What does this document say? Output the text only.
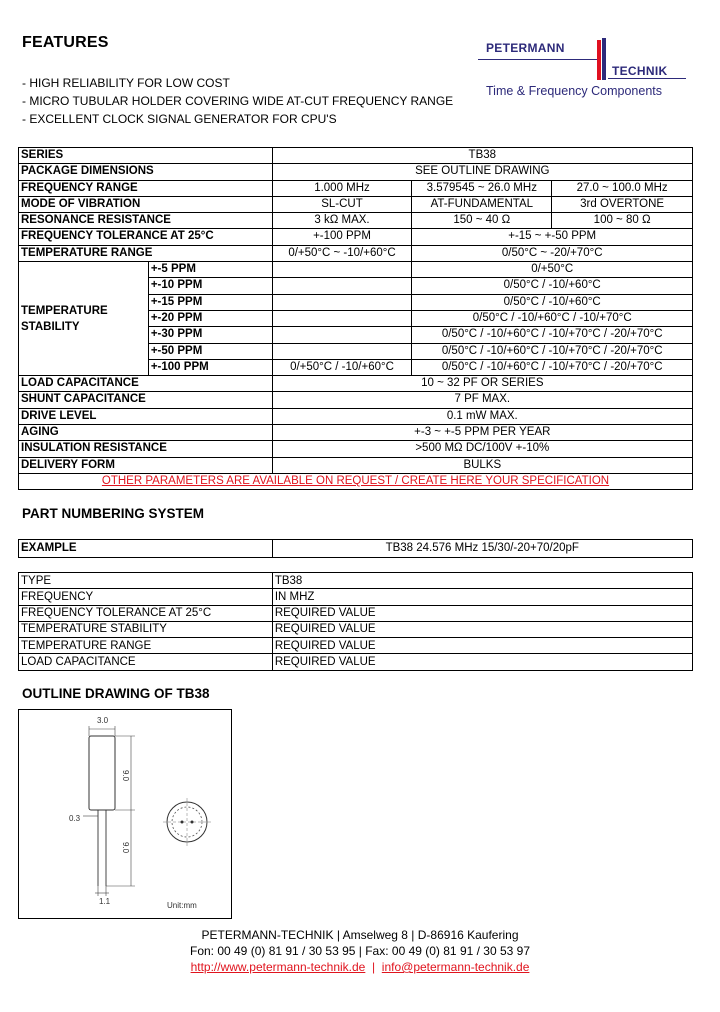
FEATURES
- HIGH RELIABILITY FOR LOW COST
- MICRO TUBULAR HOLDER COVERING WIDE AT-CUT FREQUENCY RANGE
- EXCELLENT CLOCK SIGNAL GENERATOR FOR CPU'S
PETERMANN
TECHNIK
Time & Frequency Components
SERIES		TB38		
PACKAGE DIMENSIONS		SEE OUTLINE DRAWING		
FREQUENCY RANGE		1.000 MHz	3.579545 ~ 26.0 MHz	27.0 ~ 100.0 MHz
MODE OF VIBRATION		SL-CUT	AT-FUNDAMENTAL	3rd OVERTONE
RESONANCE RESISTANCE		3 kΩ MAX.	150 ~ 40 Ω	100 ~ 80 Ω
FREQUENCY TOLERANCE AT 25°C		+-100 PPM	+-15 ~ +-50 PPM	
TEMPERATURE RANGE		0/+50°C ~ -10/+60°C	0/50°C ~ -20/+70°C	

TEMPERATURE
STABILITY	+-5 PPM		0/+50°C	
	+-10 PPM		0/50°C / -10/+60°C	
	+-15 PPM		0/50°C / -10/+60°C	
	+-20 PPM		0/50°C / -10/+60°C / -10/+70°C	
	+-30 PPM		0/50°C / -10/+60°C / -10/+70°C / -20/+70°C	
	+-50 PPM		0/50°C / -10/+60°C / -10/+70°C / -20/+70°C	
	+-100 PPM	0/+50°C / -10/+60°C	0/50°C / -10/+60°C / -10/+70°C / -20/+70°C	
LOAD CAPACITANCE		10 ~ 32 PF OR SERIES		
SHUNT CAPACITANCE		7 PF MAX.		
DRIVE LEVEL		0.1 mW MAX.		
AGING		+-3 ~ +-5 PPM PER YEAR		
INSULATION RESISTANCE		>500 MΩ DC/100V +-10%		
DELIVERY FORM		BULKS		
OTHER PARAMETERS ARE AVAILABLE ON REQUEST / CREATE HERE YOUR SPECIFICATION				
PART NUMBERING SYSTEM
EXAMPLE	TB38 24.576 MHz 15/30/-20+70/20pF
TYPE	TB38
FREQUENCY	IN MHZ
FREQUENCY TOLERANCE AT 25°C	REQUIRED VALUE
TEMPERATURE STABILITY	REQUIRED VALUE
TEMPERATURE RANGE	REQUIRED VALUE
LOAD CAPACITANCE	REQUIRED VALUE
OUTLINE DRAWING OF TB38
3.0
9.0
9.0
0.3
1.1	Unit:mm
PETERMANN-TECHNIK | Amselweg 8 | D-86916 Kaufering
Fon: 00 49 (0) 81 91 / 30 53 95 | Fax: 00 49 (0) 81 91 / 30 53 97
http://www.petermann-technik.de  |  info@petermann-technik.de
